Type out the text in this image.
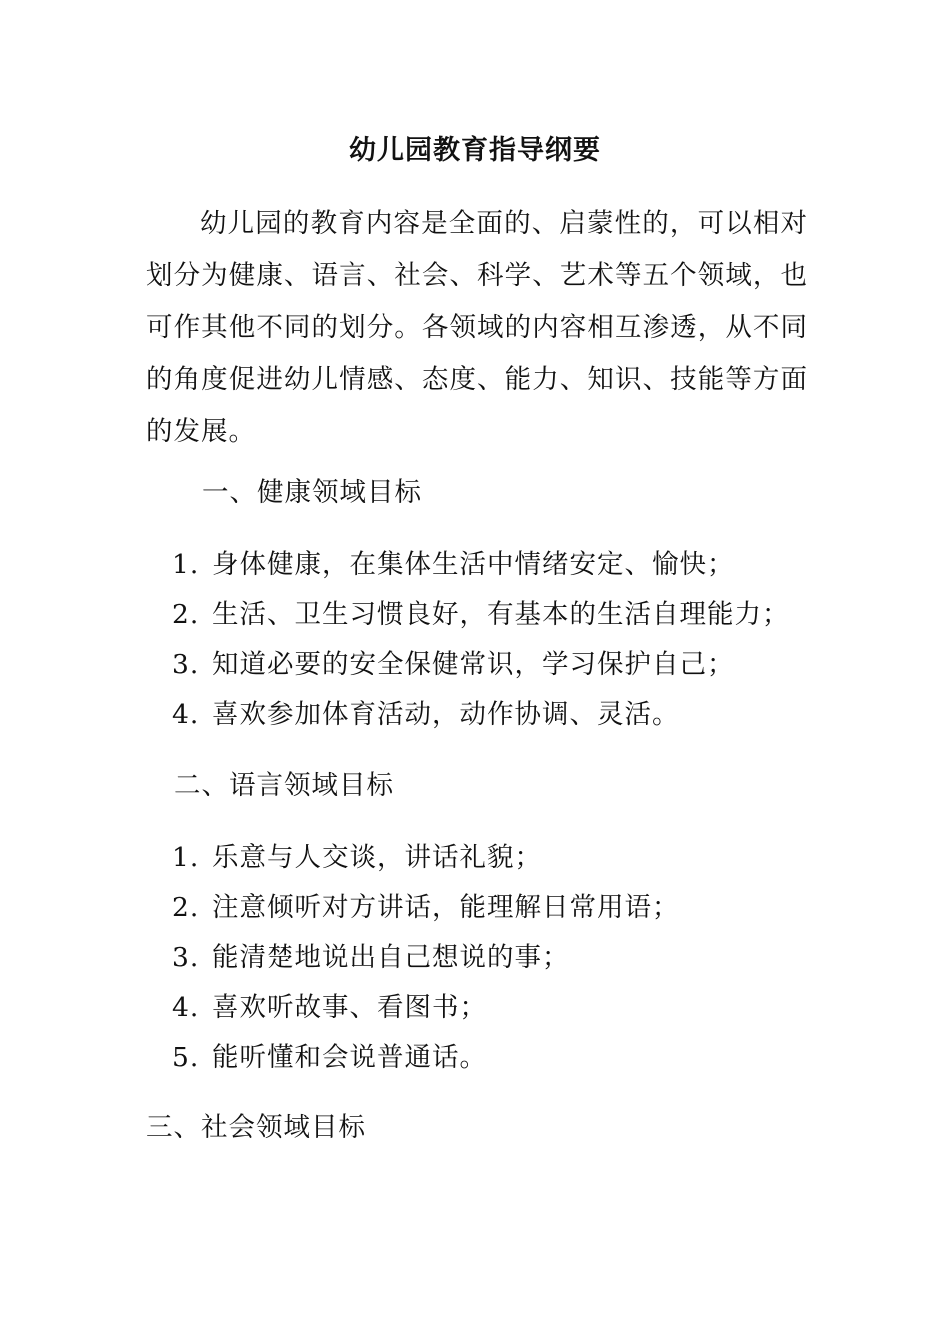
幼儿园教育指导纲要

幼儿园的教育内容是全面的、启蒙性的，可以相对划分为健康、语言、社会、科学、艺术等五个领域，也可作其他不同的划分。各领域的内容相互渗透，从不同的角度促进幼儿情感、态度、能力、知识、技能等方面的发展。

一、健康领域目标
1. 身体健康，在集体生活中情绪安定、愉快；
2. 生活、卫生习惯良好，有基本的生活自理能力；
3. 知道必要的安全保健常识，学习保护自己；
4. 喜欢参加体育活动，动作协调、灵活。
二、语言领域目标
1. 乐意与人交谈，讲话礼貌；
2. 注意倾听对方讲话，能理解日常用语；
3. 能清楚地说出自己想说的事；
4. 喜欢听故事、看图书；
5. 能听懂和会说普通话。
三、社会领域目标
